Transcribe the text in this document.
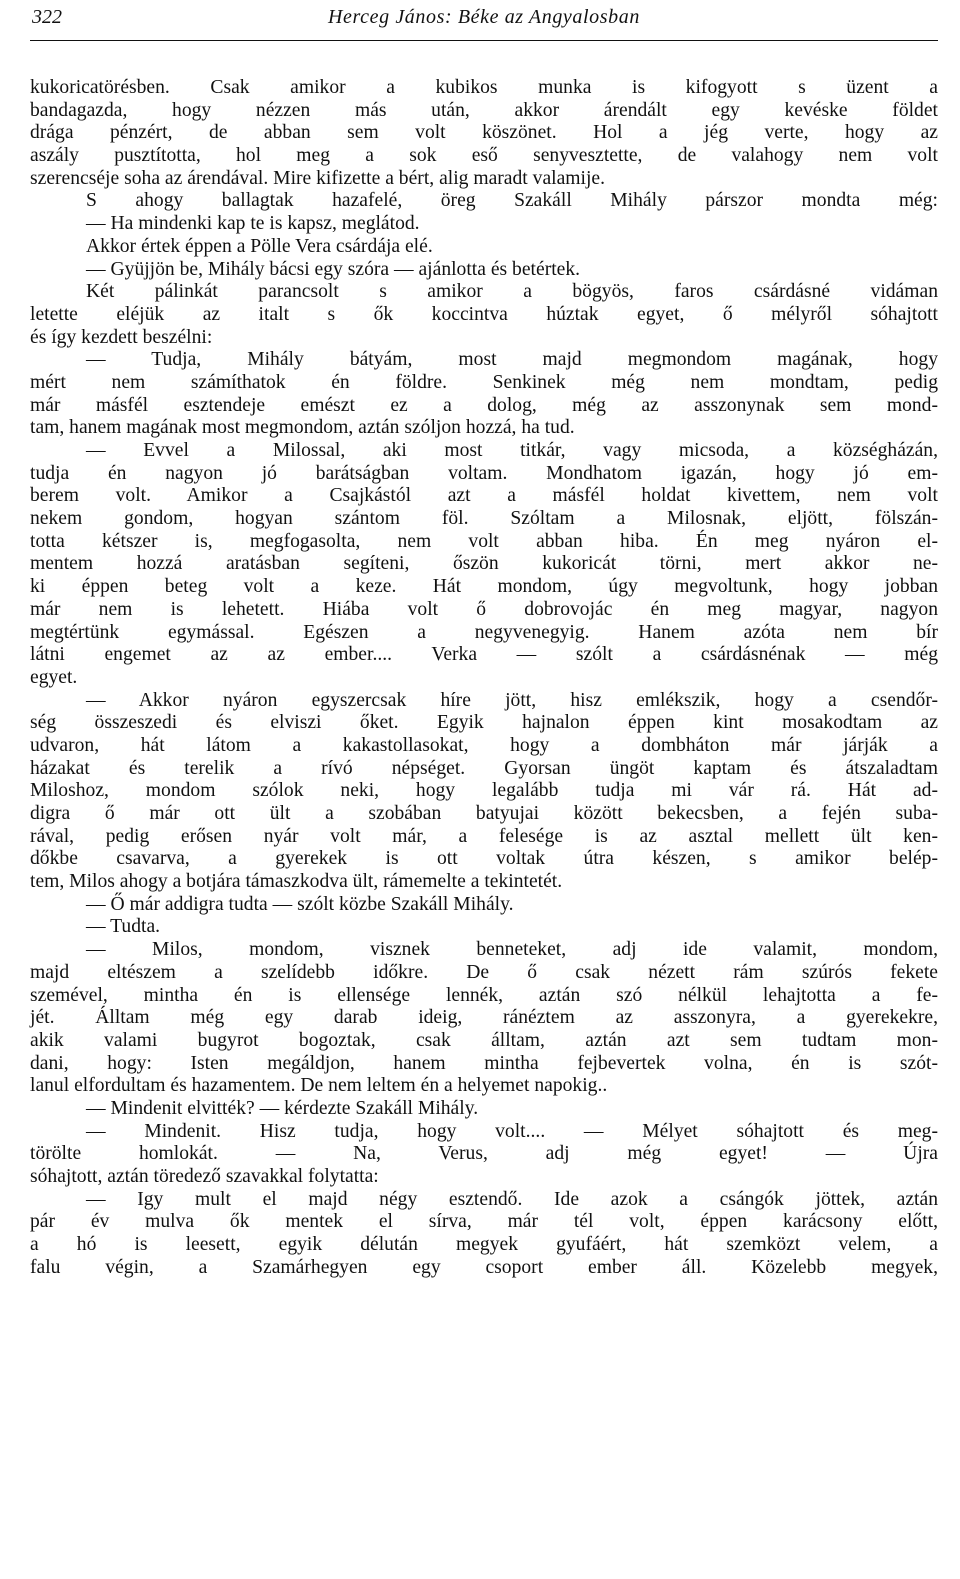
322	Herceg János: Béke az Angyalosban
kukoricatörésben. Csak amikor a kubikos munka is kifogyott s üzent a
bandagazda, hogy nézzen más után, akkor árendált egy kevéske földet
drága pénzért, de abban sem volt köszönet. Hol a jég verte, hogy az
aszály pusztította, hol meg a sok eső senyvesztette, de valahogy nem volt
szerencséje soha az árendával. Mire kifizette a bért, alig maradt valamije.
S ahogy ballagtak hazafelé, öreg Szakáll Mihály párszor mondta még:
— Ha mindenki kap te is kapsz, meglátod.
Akkor értek éppen a Pölle Vera csárdája elé.
— Gyüjjön be, Mihály bácsi egy szóra — ajánlotta és betértek.
Két pálinkát parancsolt s amikor a bögyös, faros csárdásné vidáman
letette eléjük az italt s ők koccintva húztak egyet, ő mélyről sóhajtott
és így kezdett beszélni:
— Tudja, Mihály bátyám, most majd megmondom magának, hogy
mért nem számíthatok én földre. Senkinek még nem mondtam, pedig
már másfél esztendeje emészt ez a dolog, még az asszonynak sem mond-
tam, hanem magának most megmondom, aztán szóljon hozzá, ha tud.
— Evvel a Milossal, aki most titkár, vagy micsoda, a községházán,
tudja én nagyon jó barátságban voltam. Mondhatom igazán, hogy jó em-
berem volt. Amikor a Csajkástól azt a másfél holdat kivettem, nem volt
nekem gondom, hogyan szántom föl. Szóltam a Milosnak, eljött, fölszán-
totta kétszer is, megfogasolta, nem volt abban hiba. Én meg nyáron el-
mentem hozzá aratásban segíteni, őszön kukoricát törni, mert akkor ne-
ki éppen beteg volt a keze. Hát mondom, úgy megvoltunk, hogy jobban
már nem is lehetett. Hiába volt ő dobrovojác én meg magyar, nagyon
megtértünk egymással. Egészen a negyvenegyig. Hanem azóta nem bír
látni engemet az az ember.... Verka — szólt a csárdásnénak — még
egyet.
— Akkor nyáron egyszercsak híre jött, hisz emlékszik, hogy a csendőr-
ség összeszedi és elviszi őket. Egyik hajnalon éppen kint mosakodtam az
udvaron, hát látom a kakastollasokat, hogy a dombháton már járják a
házakat és terelik a rívó népséget. Gyorsan üngöt kaptam és átszaladtam
Miloshoz, mondom szólok neki, hogy legalább tudja mi vár rá. Hát ad-
digra ő már ott ült a szobában batyujai között bekecsben, a fején suba-
rával, pedig erősen nyár volt már, a felesége is az asztal mellett ült ken-
dőkbe csavarva, a gyerekek is ott voltak útra készen, s amikor belép-
tem, Milos ahogy a botjára támaszkodva ült, rámemelte a tekintetét.
— Ő már addigra tudta — szólt közbe Szakáll Mihály.
— Tudta.
— Milos, mondom, visznek benneteket, adj ide valamit, mondom,
majd eltészem a szelídebb időkre. De ő csak nézett rám szúrós fekete
szemével, mintha én is ellensége lennék, aztán szó nélkül lehajtotta a fe-
jét. Álltam még egy darab ideig, ránéztem az asszonyra, a gyerekekre,
akik valami bugyrot bogoztak, csak álltam, aztán azt sem tudtam mon-
dani, hogy: Isten megáldjon, hanem mintha fejbevertek volna, én is szót-
lanul elfordultam és hazamentem. De nem leltem én a helyemet napokig..
— Mindenit elvitték? — kérdezte Szakáll Mihály.
— Mindenit. Hisz tudja, hogy volt.... — Mélyet sóhajtott és meg-
törölte homlokát. — Na, Verus, adj még egyet! — Újra
sóhajtott, aztán töredező szavakkal folytatta:
— Igy mult el majd négy esztendő. Ide azok a csángók jöttek, aztán
pár év mulva ők mentek el sírva, már tél volt, éppen karácsony előtt,
a hó is leesett, egyik délután megyek gyufáért, hát szemközt velem, a
falu végin, a Szamárhegyen egy csoport ember áll. Közelebb megyek,
